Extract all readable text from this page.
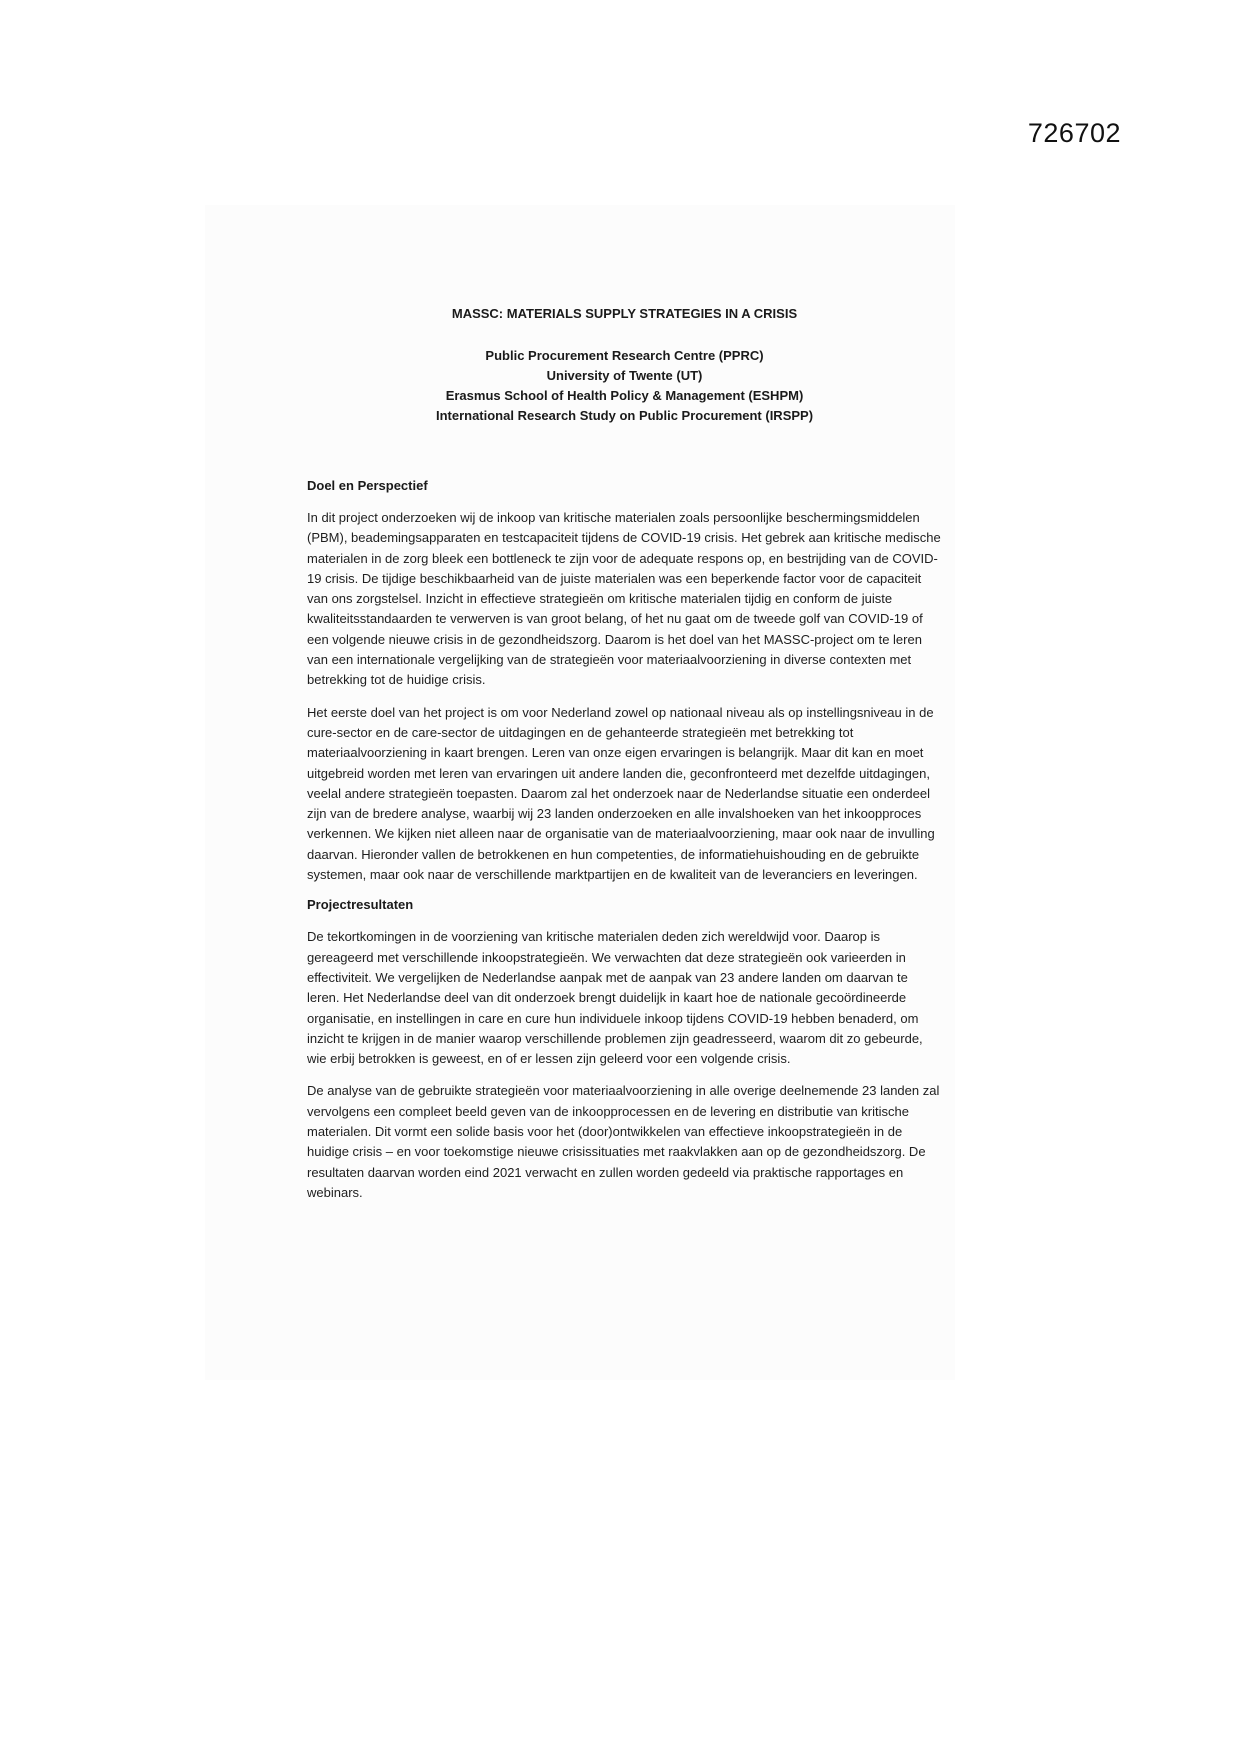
726702

MASSC: MATERIALS SUPPLY STRATEGIES IN A CRISIS

Public Procurement Research Centre (PPRC)

University of Twente (UT)

Erasmus School of Health Policy & Management (ESHPM)

International Research Study on Public Procurement (IRSPP)

Doel en Perspectief

In dit project onderzoeken wij de inkoop van kritische materialen zoals persoonlijke beschermingsmiddelen (PBM), beademingsapparaten en testcapaciteit tijdens de COVID-19 crisis. Het gebrek aan kritische medische materialen in de zorg bleek een bottleneck te zijn voor de adequate respons op, en bestrijding van de COVID-19 crisis. De tijdige beschikbaarheid van de juiste materialen was een beperkende factor voor de capaciteit van ons zorgstelsel. Inzicht in effectieve strategieën om kritische materialen tijdig en conform de juiste kwaliteitsstandaarden te verwerven is van groot belang, of het nu gaat om de tweede golf van COVID-19 of een volgende nieuwe crisis in de gezondheidszorg. Daarom is het doel van het MASSC-project om te leren van een internationale vergelijking van de strategieën voor materiaalvoorziening in diverse contexten met betrekking tot de huidige crisis.

Het eerste doel van het project is om voor Nederland zowel op nationaal niveau als op instellingsniveau in de cure-sector en de care-sector de uitdagingen en de gehanteerde strategieën met betrekking tot materiaalvoorziening in kaart brengen. Leren van onze eigen ervaringen is belangrijk. Maar dit kan en moet uitgebreid worden met leren van ervaringen uit andere landen die, geconfronteerd met dezelfde uitdagingen, veelal andere strategieën toepasten. Daarom zal het onderzoek naar de Nederlandse situatie een onderdeel zijn van de bredere analyse, waarbij wij 23 landen onderzoeken en alle invalshoeken van het inkoopproces verkennen. We kijken niet alleen naar de organisatie van de materiaalvoorziening, maar ook naar de invulling daarvan. Hieronder vallen de betrokkenen en hun competenties, de informatiehuishouding en de gebruikte systemen, maar ook naar de verschillende marktpartijen en de kwaliteit van de leveranciers en leveringen.

Projectresultaten

De tekortkomingen in de voorziening van kritische materialen deden zich wereldwijd voor. Daarop is gereageerd met verschillende inkoopstrategieën. We verwachten dat deze strategieën ook varieerden in effectiviteit. We vergelijken de Nederlandse aanpak met de aanpak van 23 andere landen om daarvan te leren. Het Nederlandse deel van dit onderzoek brengt duidelijk in kaart hoe de nationale gecoördineerde organisatie, en instellingen in care en cure hun individuele inkoop tijdens COVID-19 hebben benaderd, om inzicht te krijgen in de manier waarop verschillende problemen zijn geadresseerd, waarom dit zo gebeurde, wie erbij betrokken is geweest, en of er lessen zijn geleerd voor een volgende crisis.

De analyse van de gebruikte strategieën voor materiaalvoorziening in alle overige deelnemende 23 landen zal vervolgens een compleet beeld geven van de inkoopprocessen en de levering en distributie van kritische materialen. Dit vormt een solide basis voor het (door)ontwikkelen van effectieve inkoopstrategieën in de huidige crisis – en voor toekomstige nieuwe crisissituaties met raakvlakken aan op de gezondheidszorg. De resultaten daarvan worden eind 2021 verwacht en zullen worden gedeeld via praktische rapportages en webinars.
